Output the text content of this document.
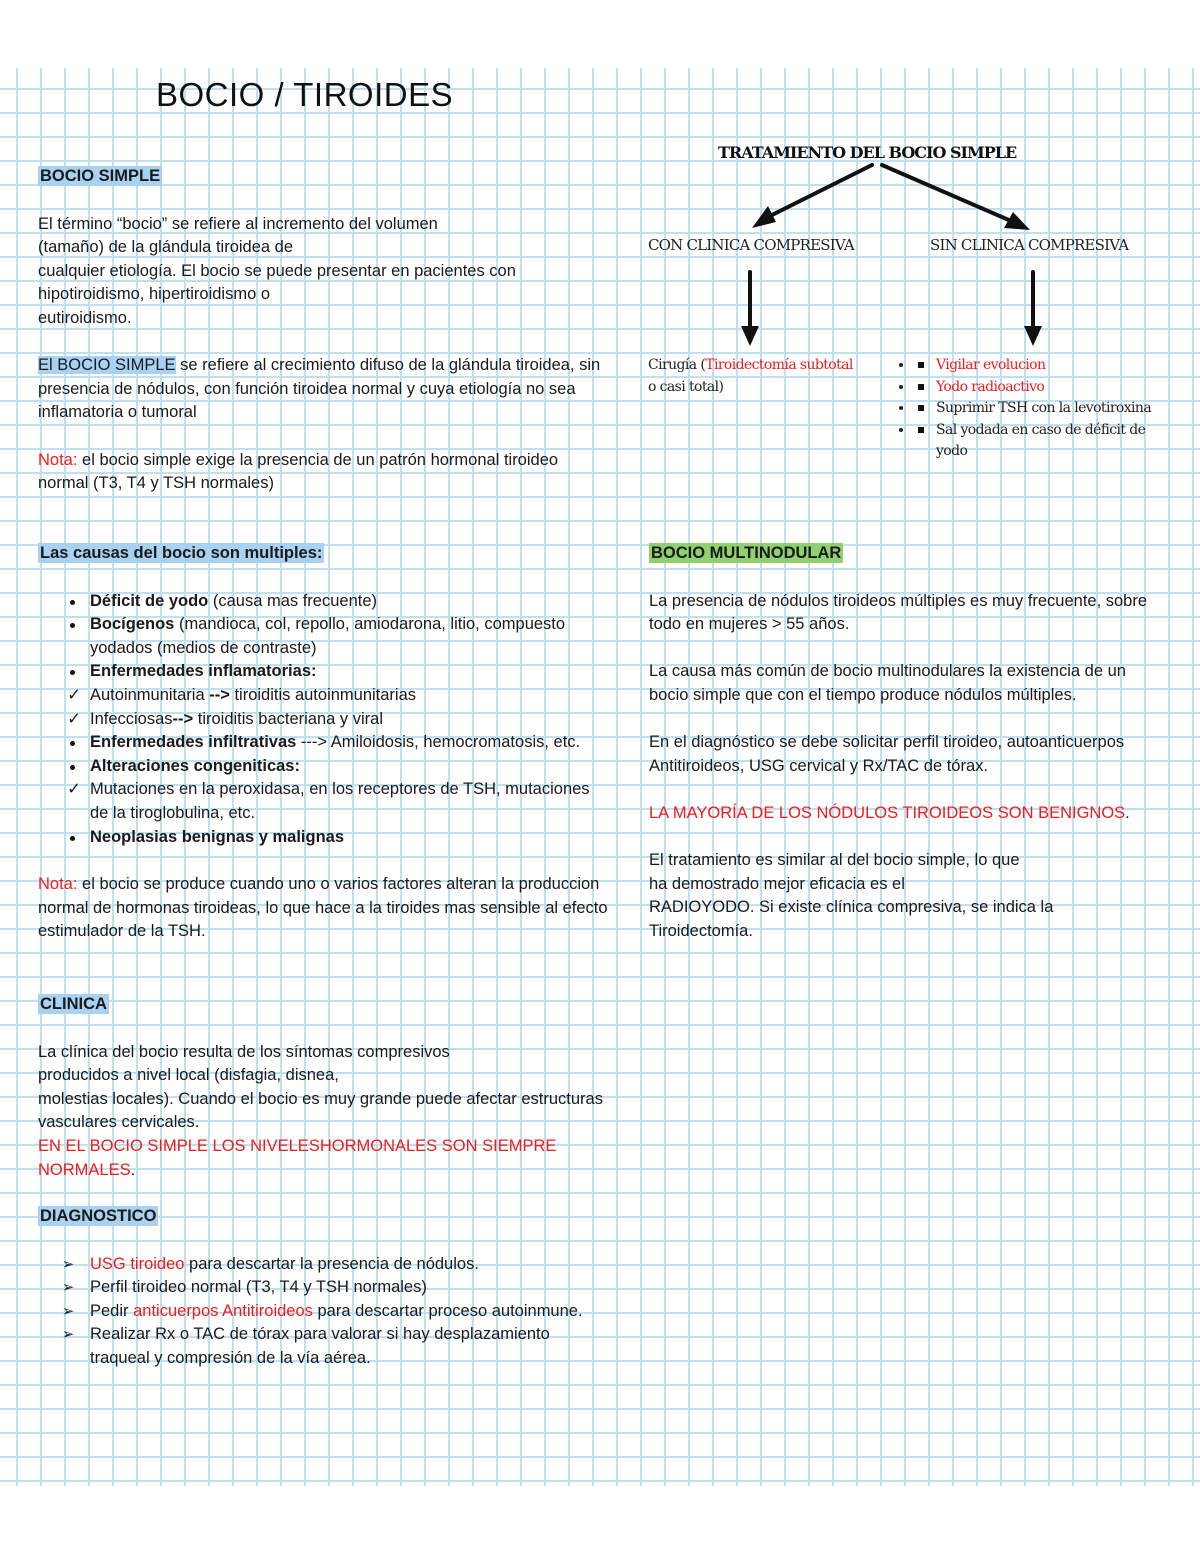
BOCIO / TIROIDES

BOCIO SIMPLE

El término “bocio” se refiere al incremento del volumen

(tamaño) de la glándula tiroidea de

cualquier etiología. El bocio se puede presentar en pacientes con hipotiroidismo, hipertiroidismo o

eutiroidismo.

El BOCIO SIMPLE se refiere al crecimiento difuso de la glándula tiroidea, sin presencia de nódulos, con función tiroidea normal y cuya etiología no sea inflamatoria o tumoral

Nota: el bocio simple exige la presencia de un patrón hormonal tiroideo normal (T3, T4 y TSH normales)

Las causas del bocio son multiples:

Déficit de yodo (causa mas frecuente)
Bocígenos (mandioca, col, repollo, amiodarona, litio, compuesto yodados (medios de contraste)
Enfermedades inflamatorias:
✓ Autoinmunitaria --> tiroiditis autoinmunitarias
✓ Infecciosas--> tiroiditis bacteriana y viral
Enfermedades infiltrativas ---> Amiloidosis, hemocromatosis, etc.
Alteraciones congeniticas:
✓ Mutaciones en la peroxidasa, en los receptores de TSH, mutaciones de la tiroglobulina, etc.
Neoplasias benignas y malignas

Nota: el bocio se produce cuando uno o varios factores alteran la produccion normal de hormonas tiroideas, lo que hace a la tiroides mas sensible al efecto estimulador de la TSH.

CLINICA

La clínica del bocio resulta de los síntomas compresivos

producidos a nivel local (disfagia, disnea,

molestias locales). Cuando el bocio es muy grande puede afectar estructuras vasculares cervicales.

EN EL BOCIO SIMPLE LOS NIVELESHORMONALES SON SIEMPRE NORMALES.

DIAGNOSTICO

➢ USG tiroideo para descartar la presencia de nódulos.
➢ Perfil tiroideo normal (T3, T4 y TSH normales)
➢ Pedir anticuerpos Antitiroideos para descartar proceso autoinmune.
➢ Realizar Rx o TAC de tórax para valorar si hay desplazamiento traqueal y compresión de la vía aérea.
TRATAMIENTO DEL BOCIO SIMPLE
CON CLINICA COMPRESIVA	SIN CLINICA COMPRESIVA
Cirugía (Tiroidectomía subtotal
o casi total)
• Vigilar evolucion
• Yodo radioactivo
• Suprimir TSH con la levotiroxina
• Sal yodada en caso de déficit de yodo

BOCIO MULTINODULAR

La presencia de nódulos tiroideos múltiples es muy frecuente, sobre todo en mujeres > 55 años.

La causa más común de bocio multinodulares la existencia de un bocio simple que con el tiempo produce nódulos múltiples.

En el diagnóstico se debe solicitar perfil tiroideo, autoanticuerpos Antitiroideos, USG cervical y Rx/TAC de tórax.

LA MAYORÍA DE LOS NÓDULOS TIROIDEOS SON BENIGNOS.

El tratamiento es similar al del bocio simple, lo que

ha demostrado mejor eficacia es el

RADIOYODO. Si existe clínica compresiva, se indica la Tiroidectomía.
